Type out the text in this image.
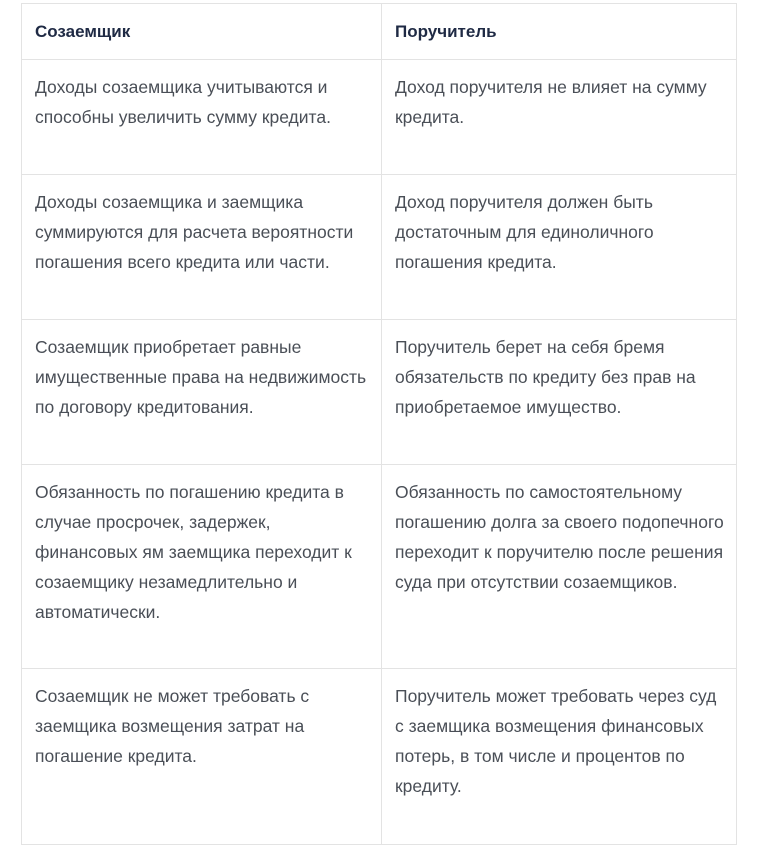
Созаемщик	Поручитель
Доходы созаемщика учитываются и способны увеличить сумму кредита.	Доход поручителя не влияет на сумму кредита.
Доходы созаемщика и заемщика суммируются для расчета вероятности погашения всего кредита или части.	Доход поручителя должен быть достаточным для единоличного погашения кредита.
Созаемщик приобретает равные имущественные права на недвижимость по договору кредитования.	Поручитель берет на себя бремя обязательств по кредиту без прав на приобретаемое имущество.
Обязанность по погашению кредита в случае просрочек, задержек, финансовых ям заемщика переходит к созаемщику незамедлительно и автоматически.	Обязанность по самостоятельному погашению долга за своего подопечного переходит к поручителю после решения суда при отсутствии созаемщиков.
Созаемщик не может требовать с заемщика возмещения затрат на погашение кредита.	Поручитель может требовать через суд с заемщика возмещения финансовых потерь, в том числе и процентов по кредиту.
